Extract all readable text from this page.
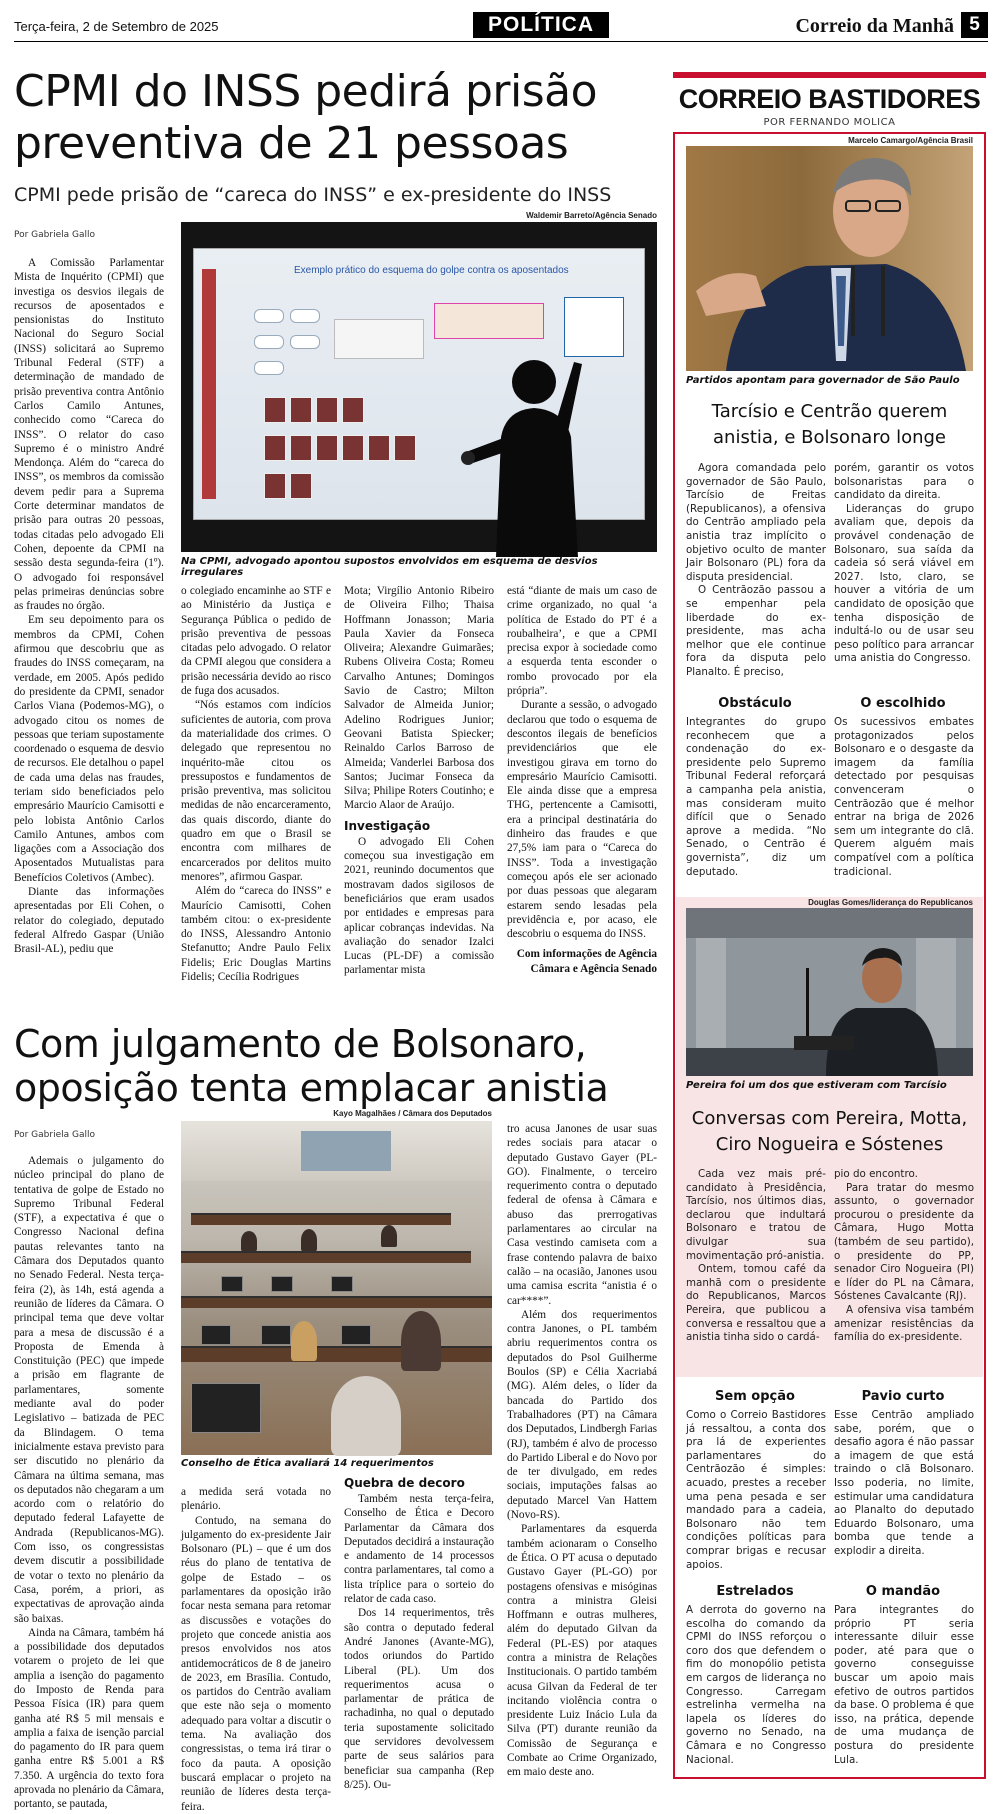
Terça-feira, 2 de Setembro de 2025	POLÍTICA	Correio da Manhã 5
CPMI do INSS pedirá prisão preventiva de 21 pessoas
CPMI pede prisão de “careca do INSS” e ex-presidente do INSS
Por Gabriela Gallo
Waldemir Barreto/Agência Senado
Exemplo prático do esquema do golpe contra os aposentados
Na CPMI, advogado apontou supostos envolvidos em esquema de desvios irregulares

A Comissão Parlamentar Mista de Inquérito (CPMI) que investiga os desvios ilegais de recursos de aposentados e pensionistas do Instituto Nacional do Seguro Social (INSS) solicitará ao Supremo Tribunal Federal (STF) a determinação de mandado de prisão preventiva contra Antônio Carlos Camilo Antunes, conhecido como “Careca do INSS”. O relator do caso Supremo é o ministro André Mendonça. Além do “careca do INSS”, os membros da comissão devem pedir para a Suprema Corte determinar mandatos de prisão para outras 20 pessoas, todas citadas pelo advogado Eli Cohen, depoente da CPMI na sessão desta segunda-feira (1º). O advogado foi responsável pelas primeiras denúncias sobre as fraudes no órgão.

Em seu depoimento para os membros da CPMI, Cohen afirmou que descobriu que as fraudes do INSS começaram, na verdade, em 2005. Após pedido do presidente da CPMI, senador Carlos Viana (Podemos-MG), o advogado citou os nomes de pessoas que teriam supostamente coordenado o esquema de desvio de recursos. Ele detalhou o papel de cada uma delas nas fraudes, teriam sido beneficiados pelo empresário Maurício Camisotti e pelo lobista Antônio Carlos Camilo Antunes, ambos com ligações com a Associação dos Aposentados Mutualistas para Benefícios Coletivos (Ambec).

Diante das informações apresentadas por Eli Cohen, o relator do colegiado, deputado federal Alfredo Gaspar (União Brasil-AL), pediu que

o colegiado encaminhe ao STF e ao Ministério da Justiça e Segurança Pública o pedido de prisão preventiva de pessoas citadas pelo advogado. O relator da CPMI alegou que considera a prisão necessária devido ao risco de fuga dos acusados.

“Nós estamos com indícios suficientes de autoria, com prova da materialidade dos crimes. O delegado que representou no inquérito-mãe citou os pressupostos e fundamentos de prisão preventiva, mas solicitou medidas de não encarceramento, das quais discordo, diante do quadro em que o Brasil se encontra com milhares de encarcerados por delitos muito menores”, afirmou Gaspar.

Além do “careca do INSS” e Maurício Camisotti, Cohen também citou: o ex-presidente do INSS, Alessandro Antonio Stefanutto; Andre Paulo Felix Fidelis; Eric Douglas Martins Fidelis; Cecília Rodrigues

Mota; Virgílio Antonio Ribeiro de Oliveira Filho; Thaisa Hoffmann Jonasson; Maria Paula Xavier da Fonseca Oliveira; Alexandre Guimarães; Rubens Oliveira Costa; Romeu Carvalho Antunes; Domingos Savio de Castro; Milton Salvador de Almeida Junior; Adelino Rodrigues Junior; Geovani Batista Spiecker; Reinaldo Carlos Barroso de Almeida; Vanderlei Barbosa dos Santos; Jucimar Fonseca da Silva; Philipe Roters Coutinho; e Marcio Alaor de Araújo.

Investigação

O advogado Eli Cohen começou sua investigação em 2021, reunindo documentos que mostravam dados sigilosos de beneficiários que eram usados por entidades e empresas para aplicar cobranças indevidas. Na avaliação do senador Izalci Lucas (PL-DF) a comissão parlamentar mista

está “diante de mais um caso de crime organizado, no qual ‘a política de Estado do PT é a roubalheira’, e que a CPMI precisa expor à sociedade como a esquerda tenta esconder o rombo provocado por ela própria”.

Durante a sessão, o advogado declarou que todo o esquema de descontos ilegais de benefícios previdenciários que ele investigou girava em torno do empresário Maurício Camisotti. Ele ainda disse que a empresa THG, pertencente a Camisotti, era a principal destinatária do dinheiro das fraudes e que 27,5% iam para o “Careca do INSS”. Toda a investigação começou após ele ser acionado por duas pessoas que alegaram estarem sendo lesadas pela previdência e, por acaso, ele descobriu o esquema do INSS.

Com informações de Agência Câmara e Agência Senado

Com julgamento de Bolsonaro, oposição tenta emplacar anistia
Por Gabriela Gallo
Kayo Magalhães / Câmara dos Deputados
Conselho de Ética avaliará 14 requerimentos

Ademais o julgamento do núcleo principal do plano de tentativa de golpe de Estado no Supremo Tribunal Federal (STF), a expectativa é que o Congresso Nacional defina pautas relevantes tanto na Câmara dos Deputados quanto no Senado Federal. Nesta terça-feira (2), às 14h, está agenda a reunião de líderes da Câmara. O principal tema que deve voltar para a mesa de discussão é a Proposta de Emenda à Constituição (PEC) que impede a prisão em flagrante de parlamentares, somente mediante aval do poder Legislativo – batizada de PEC da Blindagem. O tema inicialmente estava previsto para ser discutido no plenário da Câmara na última semana, mas os deputados não chegaram a um acordo com o relatório do deputado federal Lafayette de Andrada (Republicanos-MG). Com isso, os congressistas devem discutir a possibilidade de votar o texto no plenário da Casa, porém, a priori, as expectativas de aprovação ainda são baixas.

Ainda na Câmara, também há a possibilidade dos deputados votarem o projeto de lei que amplia a isenção do pagamento do Imposto de Renda para Pessoa Física (IR) para quem ganha até R$ 5 mil mensais e amplia a faixa de isenção parcial do pagamento do IR para quem ganha entre R$ 5.001 a R$ 7.350. A urgência do texto fora aprovada no plenário da Câmara, portanto, se pautada,

a medida será votada no plenário.

Contudo, na semana do julgamento do ex-presidente Jair Bolsonaro (PL) – que é um dos réus do plano de tentativa de golpe de Estado – os parlamentares da oposição irão focar nesta semana para retomar as discussões e votações do projeto que concede anistia aos presos envolvidos nos atos antidemocráticos de 8 de janeiro de 2023, em Brasília. Contudo, os partidos do Centrão avaliam que este não seja o momento adequado para voltar a discutir o tema. Na avaliação dos congressistas, o tema irá tirar o foco da pauta. A oposição buscará emplacar o projeto na reunião de líderes desta terça-feira.

Quebra de decoro

Também nesta terça-feira, Conselho de Ética e Decoro Parlamentar da Câmara dos Deputados decidirá a instauração e andamento de 14 processos contra parlamentares, tal como a lista tríplice para o sorteio do relator de cada caso.

Dos 14 requerimentos, três são contra o deputado federal André Janones (Avante-MG), todos oriundos do Partido Liberal (PL). Um dos requerimentos acusa o parlamentar de prática de rachadinha, no qual o deputado teria supostamente solicitado que servidores devolvessem parte de seus salários para beneficiar sua campanha (Rep 8/25). Ou-

tro acusa Janones de usar suas redes sociais para atacar o deputado Gustavo Gayer (PL-GO). Finalmente, o terceiro requerimento contra o deputado federal de ofensa à Câmara e abuso das prerrogativas parlamentares ao circular na Casa vestindo camiseta com a frase contendo palavra de baixo calão – na ocasião, Janones usou uma camisa escrita “anistia é o car****”.

Além dos requerimentos contra Janones, o PL também abriu requerimentos contra os deputados do Psol Guilherme Boulos (SP) e Célia Xacriabá (MG). Além deles, o líder da bancada do Partido dos Trabalhadores (PT) na Câmara dos Deputados, Lindbergh Farias (RJ), também é alvo de processo do Partido Liberal e do Novo por de ter divulgado, em redes sociais, imputações falsas ao deputado Marcel Van Hattem (Novo-RS).

Parlamentares da esquerda também acionaram o Conselho de Ética. O PT acusa o deputado Gustavo Gayer (PL-GO) por postagens ofensivas e misóginas contra a ministra Gleisi Hoffmann e outras mulheres, além do deputado Gilvan da Federal (PL-ES) por ataques contra a ministra de Relações Institucionais. O partido também acusa Gilvan da Federal de ter incitando violência contra o presidente Luiz Inácio Lula da Silva (PT) durante reunião da Comissão de Segurança e Combate ao Crime Organizado, em maio deste ano.

CORREIO BASTIDORES
POR FERNANDO MOLICA
Marcelo Camargo/Agência Brasil
Partidos apontam para governador de São Paulo
Tarcísio e Centrão querem anistia, e Bolsonaro longe

Agora comandada pelo governador de São Paulo, Tarcísio de Freitas (Republicanos), a ofensiva do Centrão ampliado pela anistia traz implícito o objetivo oculto de manter Jair Bolsonaro (PL) fora da disputa presidencial.

O Centrãozão passou a se empenhar pela liberdade do ex-presidente, mas acha melhor que ele continue fora da disputa pelo Planalto. É preciso,

porém, garantir os votos bolsonaristas para o candidato da direita.

Lideranças do grupo avaliam que, depois da provável condenação de Bolsonaro, sua saída da cadeia só será viável em 2027. Isto, claro, se houver a vitória de um candidato de oposição que tenha disposição de indultá-lo ou de usar seu peso político para arrancar uma anistia do Congresso.

Obstáculo	O escolhido

Integrantes do grupo reconhecem que a condenação do ex-presidente pelo Supremo Tribunal Federal reforçará a campanha pela anistia, mas consideram muito difícil que o Senado aprove a medida. “No Senado, o Centrão é governista”, diz um deputado.

Os sucessivos embates protagonizados pelos Bolsonaro e o desgaste da imagem da família detectado por pesquisas convenceram o Centrãozão que é melhor entrar na briga de 2026 sem um integrante do clã. Querem alguém mais compatível com a política tradicional.

Douglas Gomes/liderança do Republicanos
Pereira foi um dos que estiveram com Tarcísio
Conversas com Pereira, Motta, Ciro Nogueira e Sóstenes

Cada vez mais pré-candidato à Presidência, Tarcísio, nos últimos dias, declarou que indultará Bolsonaro e tratou de divulgar sua movimentação pró-anistia.

Ontem, tomou café da manhã com o presidente do Republicanos, Marcos Pereira, que publicou a conversa e ressaltou que a anistia tinha sido o cardá-

pio do encontro.

Para tratar do mesmo assunto, o governador procurou o presidente da Câmara, Hugo Motta (também de seu partido), o presidente do PP, senador Ciro Nogueira (PI) e líder do PL na Câmara, Sóstenes Cavalcante (RJ).

A ofensiva visa também amenizar resistências da família do ex-presidente.

Sem opção	Pavio curto

Como o Correio Bastidores já ressaltou, a conta dos pra lá de experientes parlamentares do Centrãozão é simples: acuado, prestes a receber uma pena pesada e ser mandado para a cadeia, Bolsonaro não tem condições políticas para comprar brigas e recusar apoios.

Esse Centrão ampliado sabe, porém, que o desafio agora é não passar a imagem de que está traindo o clã Bolsonaro. Isso poderia, no limite, estimular uma candidatura ao Planalto do deputado Eduardo Bolsonaro, uma bomba que tende a explodir a direita.

Estrelados	O mandão

A derrota do governo na escolha do comando da CPMI do INSS reforçou o coro dos que defendem o fim do monopólio petista em cargos de liderança no Congresso. Carregam estrelinha vermelha na lapela os líderes do governo no Senado, na Câmara e no Congresso Nacional.

Para integrantes do próprio PT seria interessante diluir esse poder, até para que o governo conseguisse buscar um apoio mais efetivo de outros partidos da base. O problema é que isso, na prática, depende de uma mudança de postura do presidente Lula.
